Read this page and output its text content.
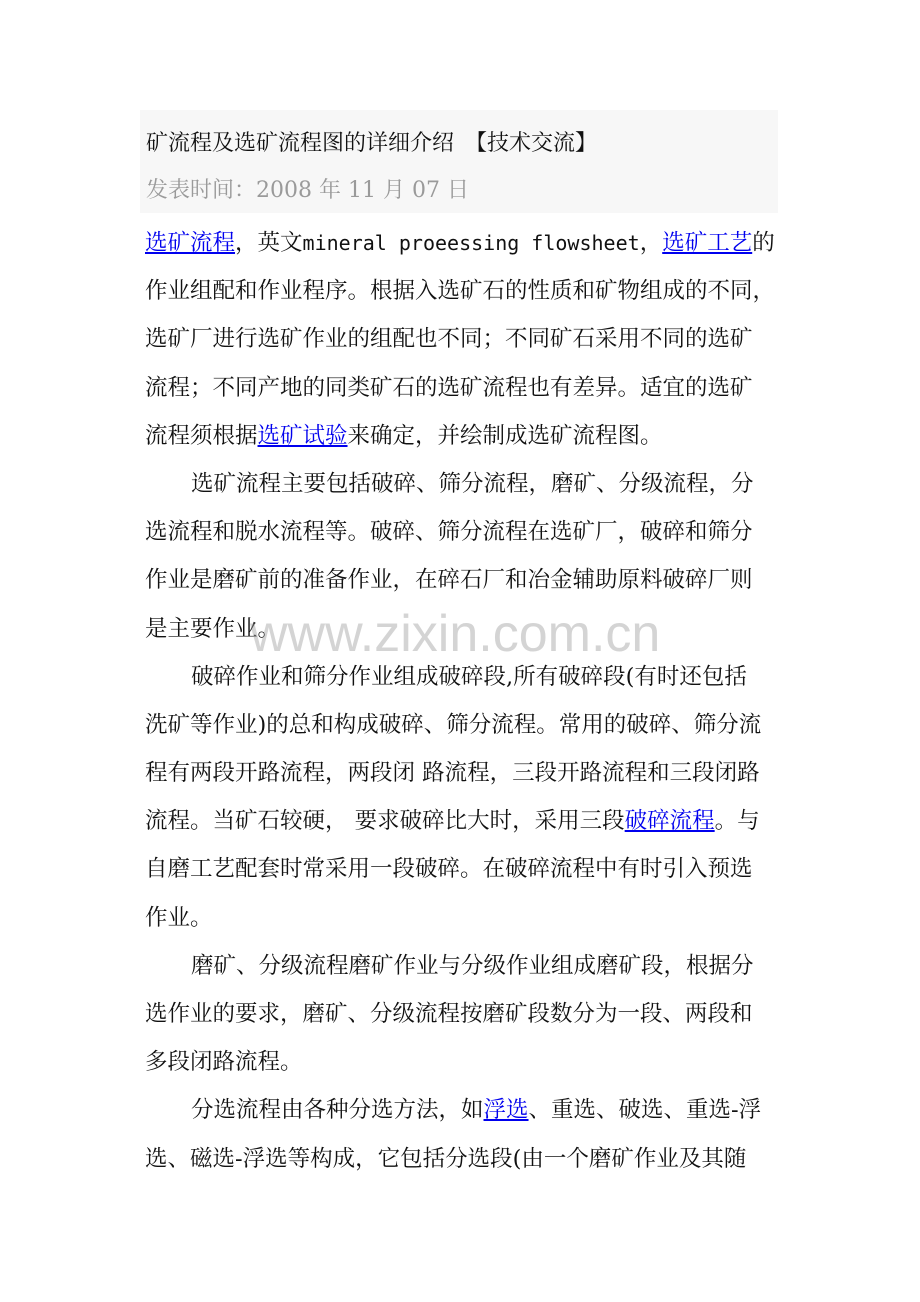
矿流程及选矿流程图的详细介绍　【技术交流】
发表时间：2008 年 11 月 07 日
选矿流程，英文mineral proeessing flowsheet，选矿工艺的
作业组配和作业程序。根据入选矿石的性质和矿物组成的不同，
选矿厂进行选矿作业的组配也不同；不同矿石采用不同的选矿
流程；不同产地的同类矿石的选矿流程也有差异。适宜的选矿
流程须根据选矿试验来确定，并绘制成选矿流程图。
选矿流程主要包括破碎、筛分流程，磨矿、分级流程，分
选流程和脱水流程等。破碎、筛分流程在选矿厂，破碎和筛分
作业是磨矿前的准备作业，在碎石厂和冶金辅助原料破碎厂则
是主要作业。
破碎作业和筛分作业组成破碎段,所有破碎段(有时还包括
洗矿等作业)的总和构成破碎、筛分流程。常用的破碎、筛分流
程有两段开路流程，两段闭 路流程，三段开路流程和三段闭路
流程。当矿石较硬， 要求破碎比大时，采用三段破碎流程。与
自磨工艺配套时常采用一段破碎。在破碎流程中有时引入预选
作业。
磨矿、分级流程磨矿作业与分级作业组成磨矿段，根据分
选作业的要求，磨矿、分级流程按磨矿段数分为一段、两段和
多段闭路流程。
分选流程由各种分选方法，如浮选、重选、破选、重选-浮
选、磁选-浮选等构成，它包括分选段(由一个磨矿作业及其随
www.zixin.com.cn
